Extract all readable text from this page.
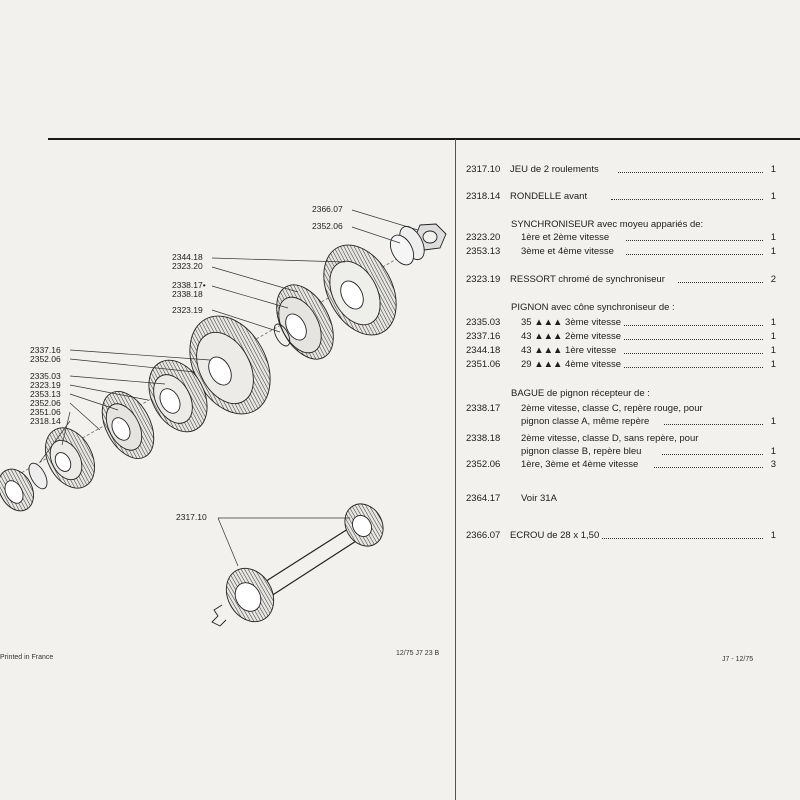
2366.07
2352.06
2344.18
2323.20
2338.17•
2338.18
2323.19
2337.16
2352.06
2335.03
2323.19
2353.13
2352.06
2351.06
2318.14
2317.10
2317.10 JEU de 2 roulements	1
2318.14 RONDELLE avant	1
SYNCHRONISEUR avec moyeu appariés de:
2323.20 1ère et 2ème vitesse	1
2353.13 3ème et 4ème vitesse	1
2323.19 RESSORT chromé de synchroniseur	2
PIGNON avec cône synchroniseur de :
2335.03 35 ▲▲▲ 3ème vitesse	1
2337.16 43 ▲▲▲ 2ème vitesse	1
2344.18 43 ▲▲▲ 1ère vitesse	1
2351.06 29 ▲▲▲ 4ème vitesse	1
BAGUE de pignon récepteur de :
2338.17 2ème vitesse, classe C, repère rouge, pour
pignon classe A, même repère	1
2338.18 2ème vitesse, classe D, sans repère, pour
pignon classe B, repère bleu	1
2352.06 1ère, 3ème et 4ème vitesse	3
2364.17 Voir 31A
2366.07 ECROU de 28 x 1,50	1
Printed in France
12/75 J7 23 B
J7 - 12/75
